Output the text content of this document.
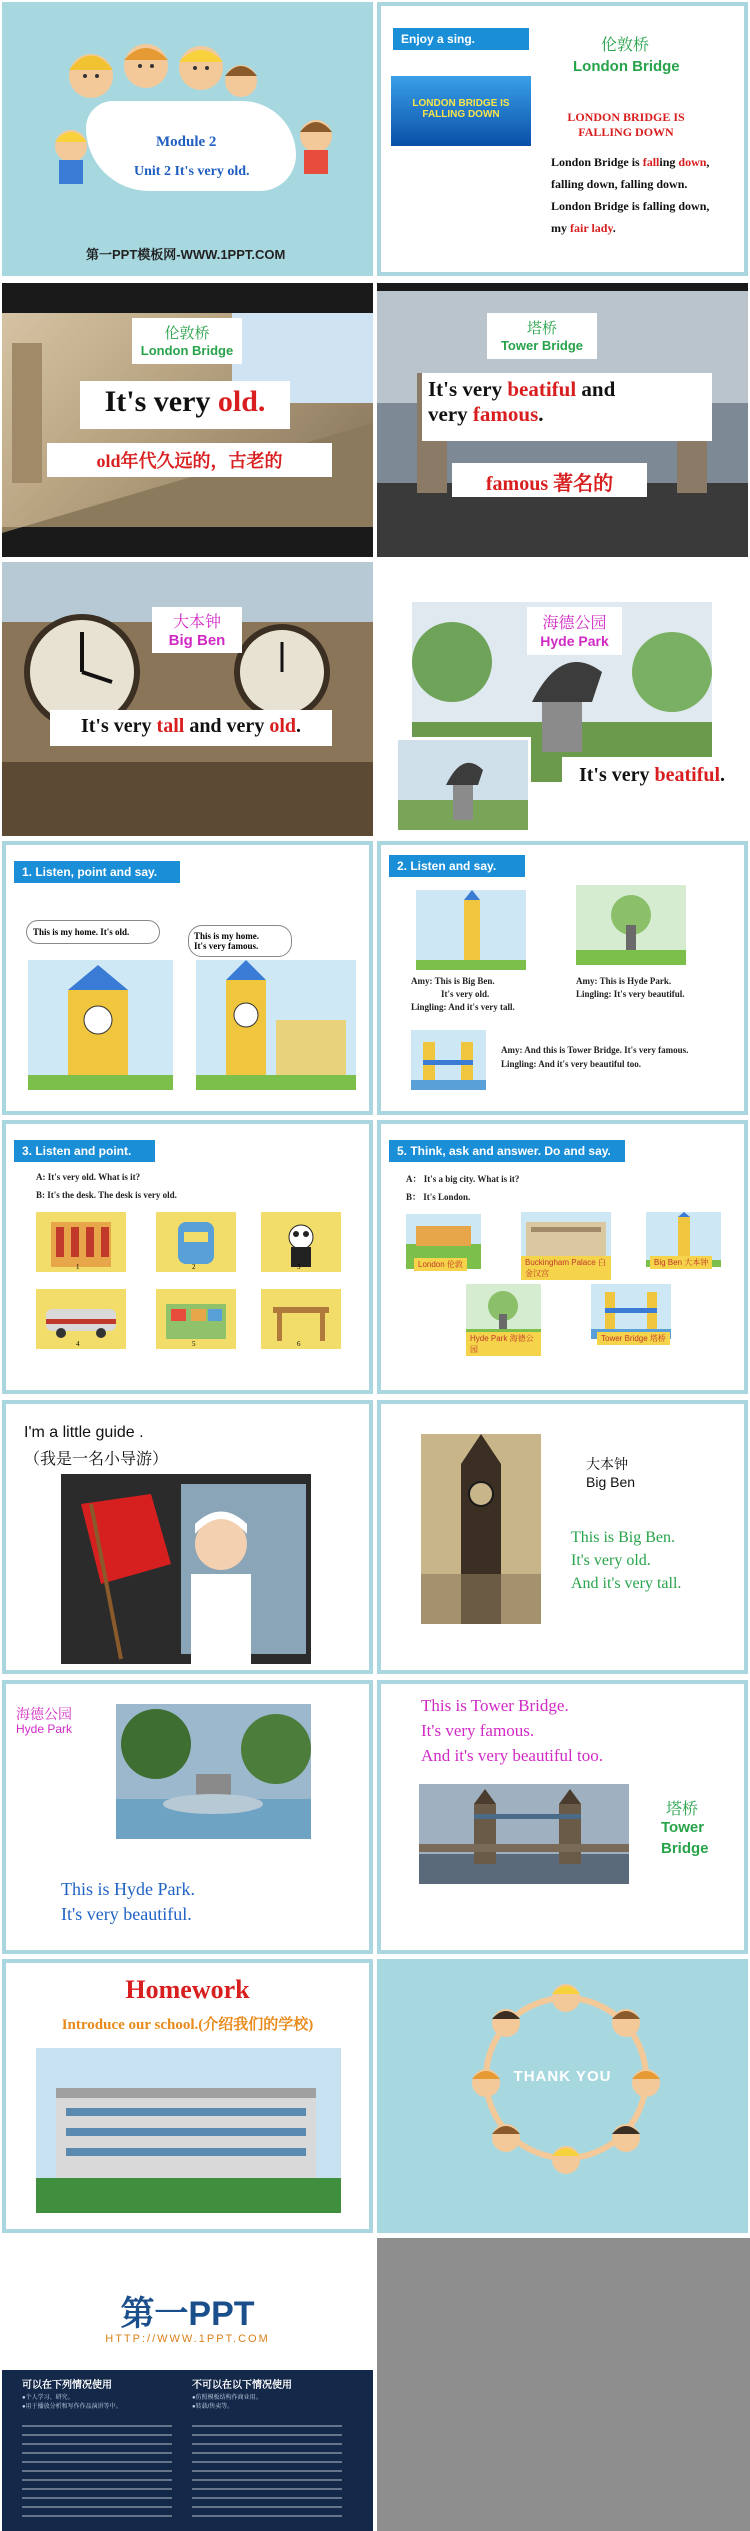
Module 2
Unit 2 It's very old.
第一PPT模板网-WWW.1PPT.COM
Enjoy a sing.	伦敦桥
London Bridge
LONDON BRIDGE IS FALLING DOWN	LONDON BRIDGE IS FALLING DOWN
London Bridge is falling down,
falling down, falling down.
London Bridge is falling down,
my fair lady.
伦敦桥
London Bridge
It's very old.
old年代久远的，古老的
塔桥
Tower Bridge
It's very beatiful and
very famous.
famous 著名的
大本钟
Big Ben
It's very tall and very old.
海德公园
Hyde Park
It's very beatiful.
1. Listen, point and say.
This is my home. It's old.	This is my home.
It's very famous.
2. Listen and say.
Amy: This is Big Ben.
It's very old.
Lingling: And it's very tall.
Amy: This is Hyde Park.
Lingling: It's very beautiful.
Amy: And this is Tower Bridge. It's very famous.
Lingling: And it's very beautiful too.
3. Listen and point.
A: It's very old. What is it?
B: It's the desk. The desk is very old.
1	2	3
4	5	6
5. Think, ask and answer. Do and say.
A： It's a big city. What is it?
B： It's London.
London 伦敦	Buckingham Palace 白金汉宫
Big Ben 大本钟
Hyde Park 海德公园
Tower Bridge 塔桥
I'm a little guide .
（我是一名小导游）	大本钟
Big Ben
This is Big Ben.
It's very old.
And it's very tall.
海德公园
Hyde Park
This is Hyde Park.
It's very beautiful.
This is Tower Bridge.
It's very famous.
And it's very beautiful too.
塔桥
Tower
Bridge
Homework
Introduce our school.(介绍我们的学校)
THANK YOU
第一PPT
HTTP://WWW.1PPT.COM
可以在下列情况使用
●个人学习、研究。
●用于播放分析和写作作品演讲等中。
不可以在以下情况使用
●仿照模板结构作商业用。
●转载/售卖等。
